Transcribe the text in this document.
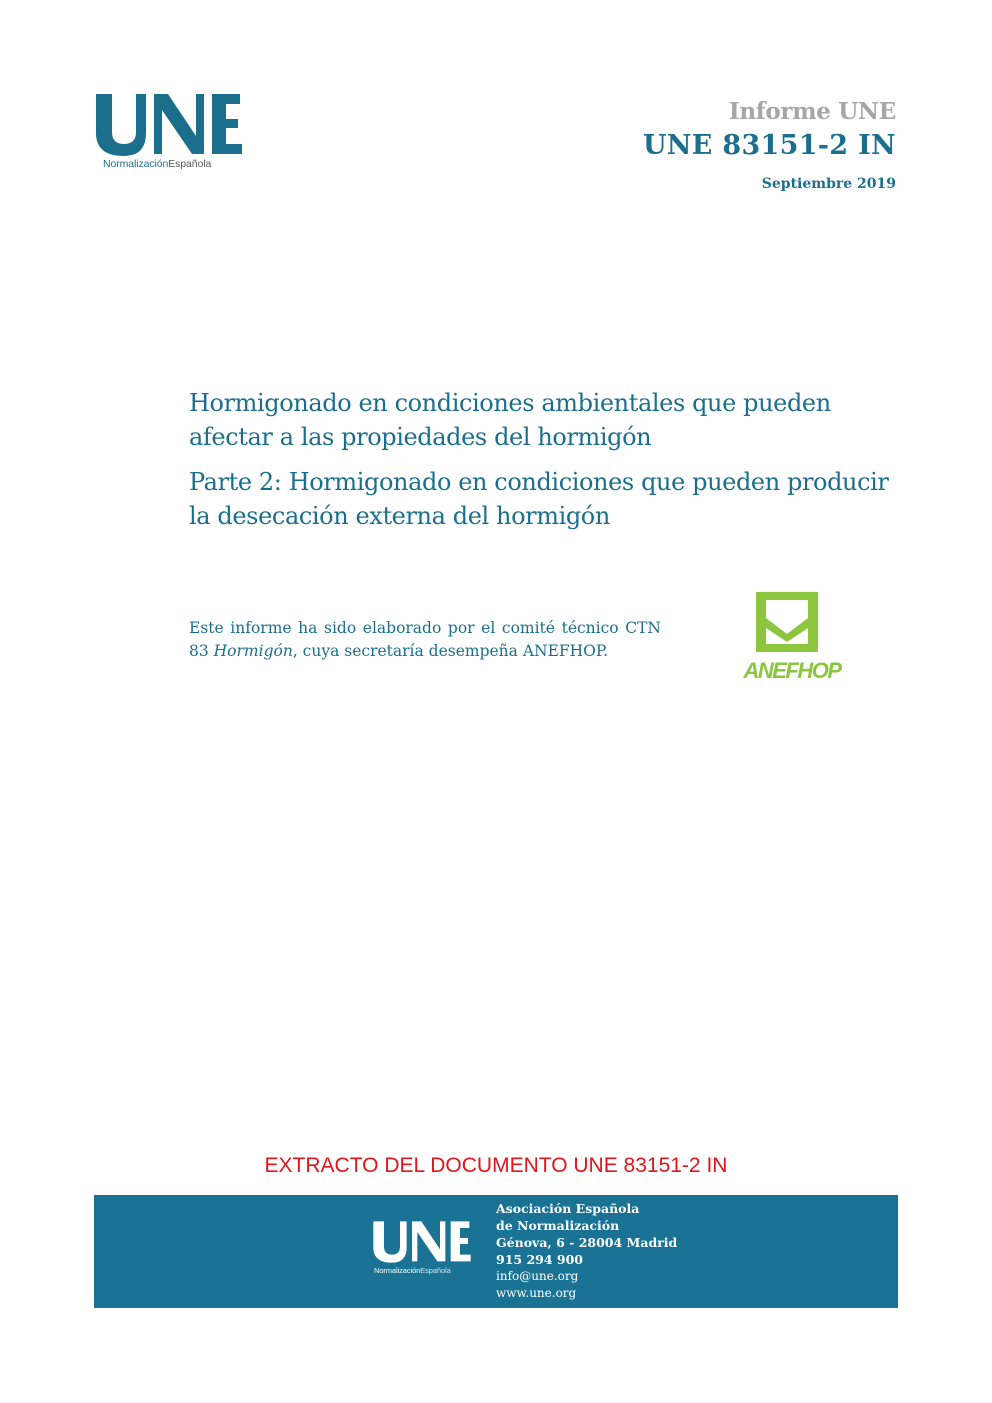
NormalizaciónEspañola
Informe UNE
UNE 83151-2 IN
Septiembre 2019

Hormigonado en condiciones ambientales que pueden afectar a las propiedades del hormigón

Parte 2: Hormigonado en condiciones que pueden producir la desecación externa del hormigón

Este informe ha sido elaborado por el comité técnico CTN 83 Hormigón, cuya secretaría desempeña ANEFHOP.
ANEFHOP
EXTRACTO DEL DOCUMENTO UNE 83151-2 IN
NormalizaciónEspañola
Asociación Española
de Normalización
Génova, 6 - 28004 Madrid
915 294 900
info@une.org
www.une.org
